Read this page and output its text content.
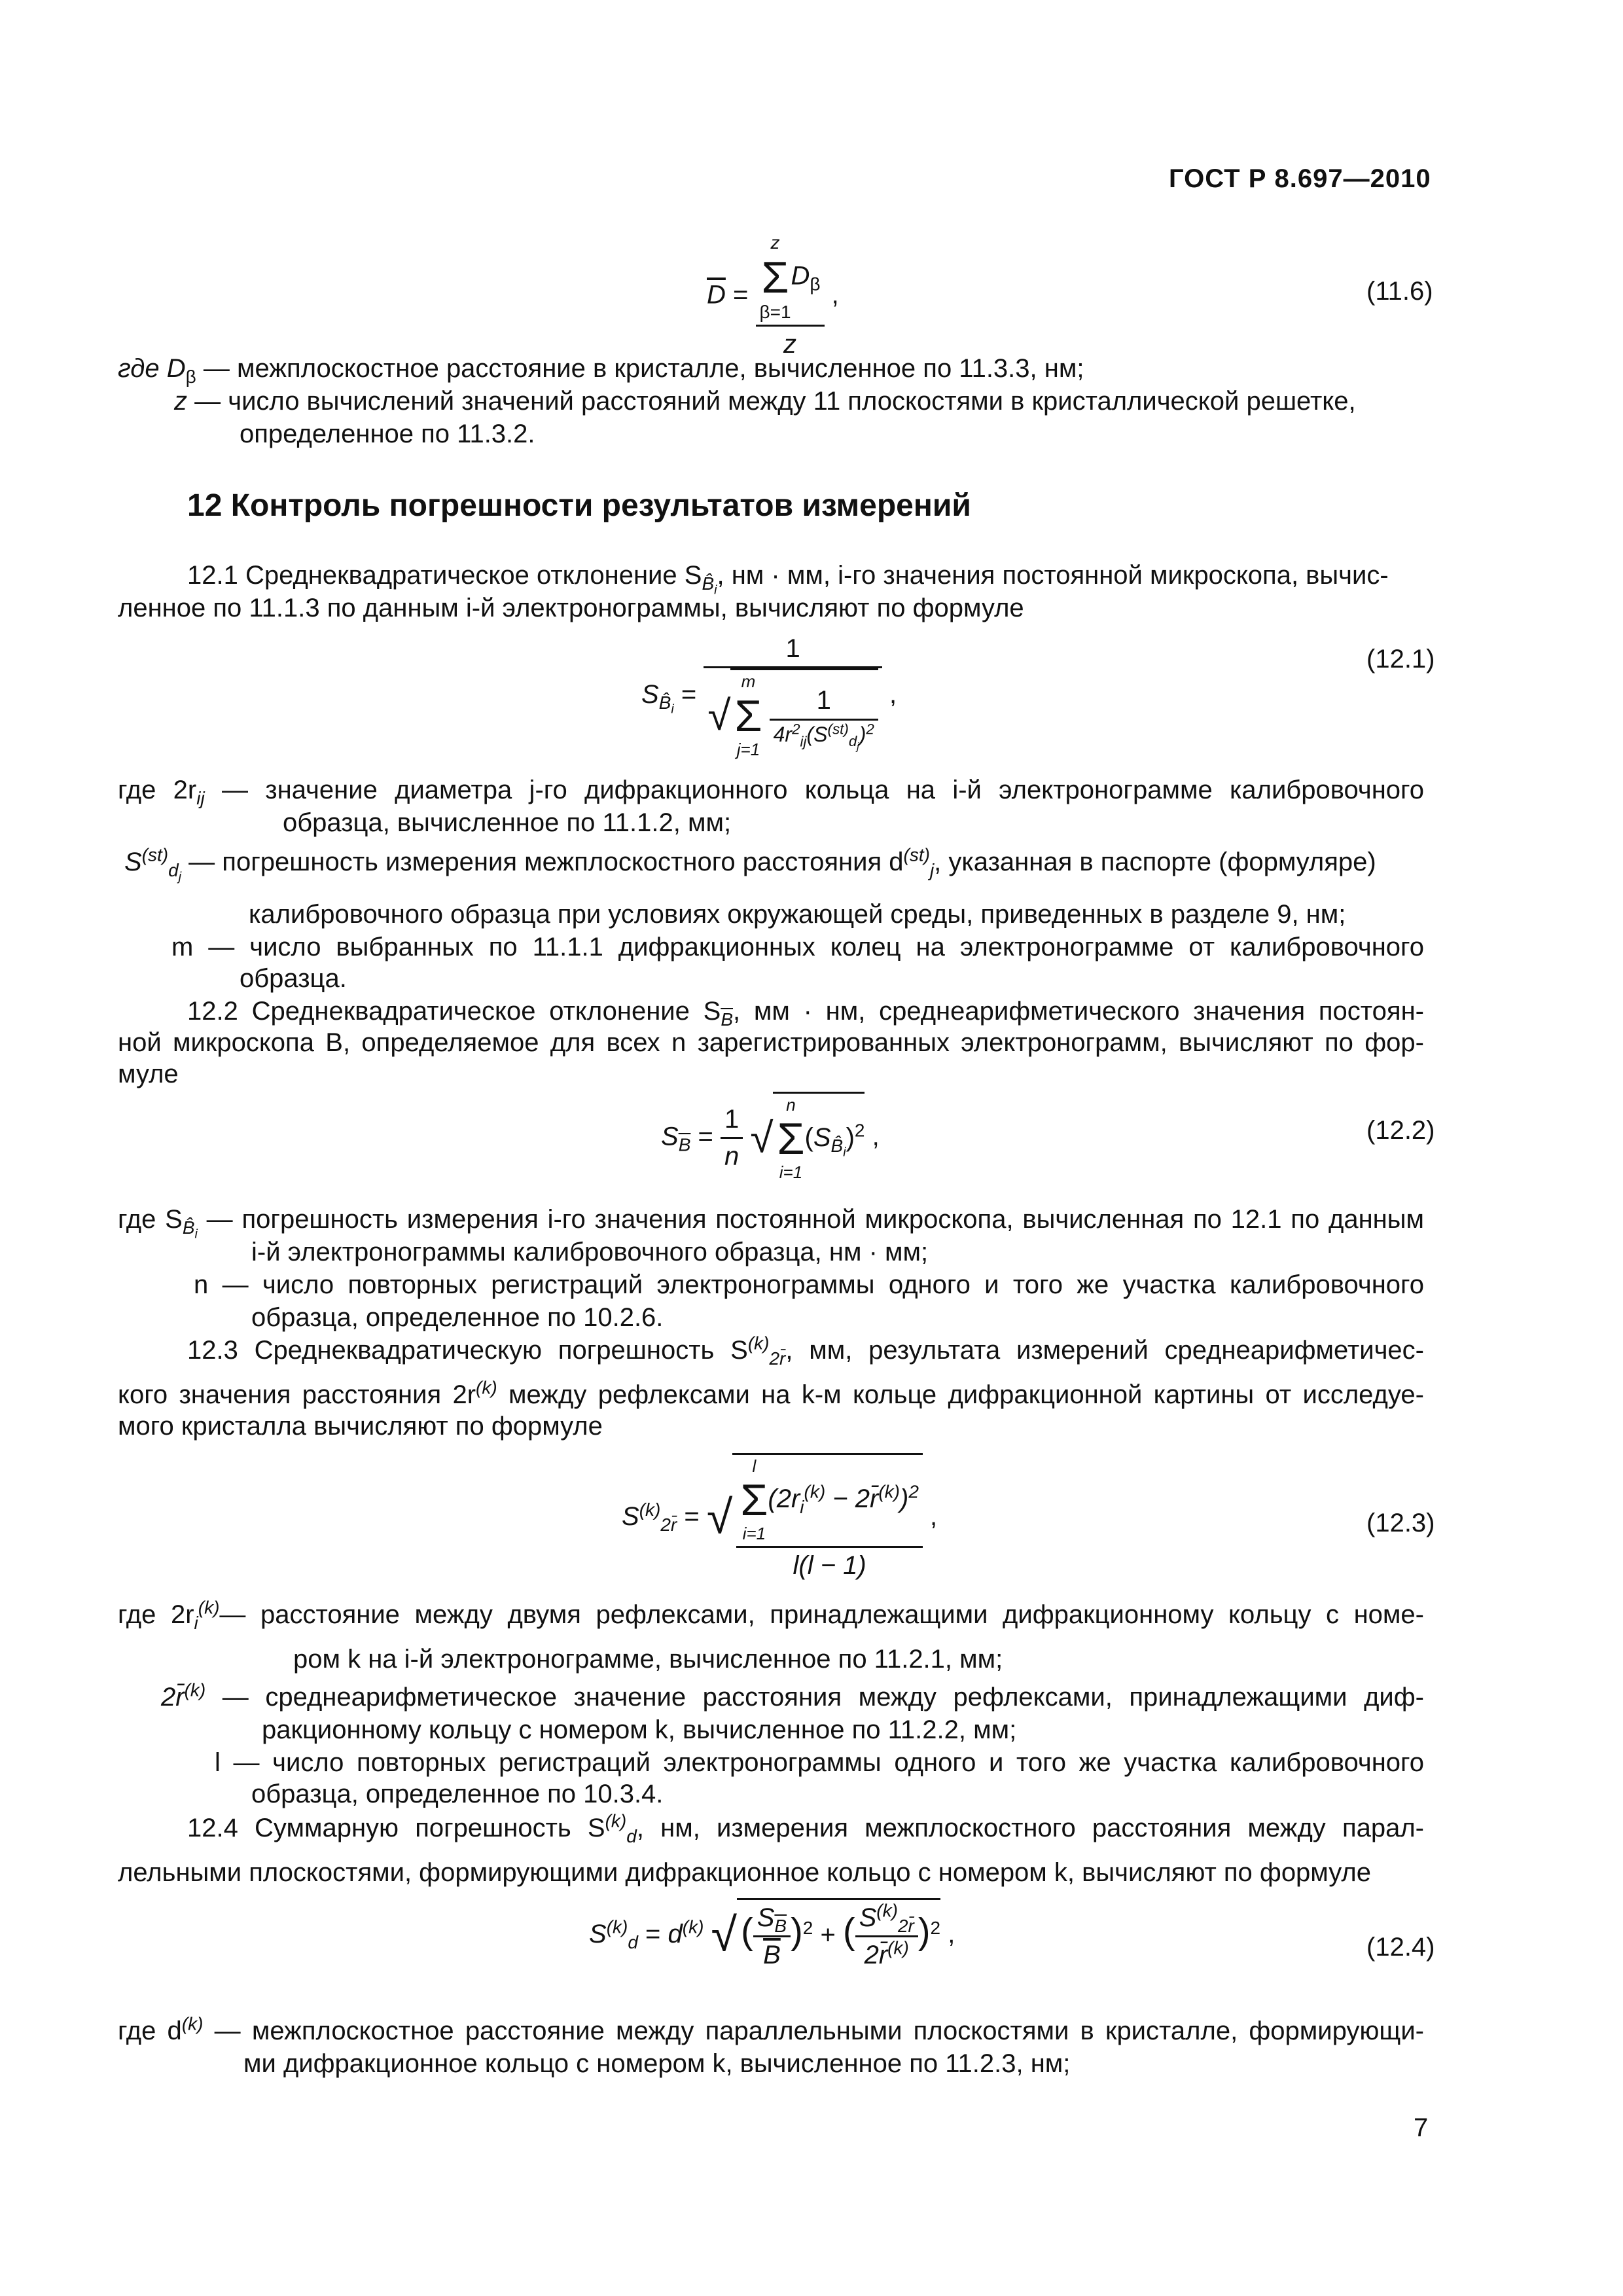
ГОСТ Р 8.697—2010
$\overline{D} = z$
Σ
β=1
$D_\beta$
z ,	(11.6)
где $D_\beta$ — межплоскостное расстояние в кристалле, вычисленное по 11.3.3, нм;
z — число вычислений значений расстояний между 11 плоскостями в кристаллической решетке,
определенное по 11.3.2.
12 Контроль погрешности результатов измерений
12.1 Среднеквадратическое отклонение $S_{B̂_i}$, нм · мм, i-го значения постоянной микроскопа, вычис-
ленное по 11.1.3 по данным i-й электронограммы, вычисляют по формуле
$S_{B̂_i}$ =
1
√
m
Σ
j=1

$\frac{1}{4r^2_{ij}(S^{(st)}_{d_j})^2}$ ,
(12.1)
где $2r_{ij}$ — значение диаметра j-го дифракционного кольца на i-й электронограмме калибровочного
образца, вычисленное по 11.1.2, мм;
$S^{(st)}_{d_j}$ — погрешность измерения межплоскостного расстояния $d^{(st)}_j$, указанная в паспорте (формуляре)
калибровочного образца при условиях окружающей среды, приведенных в разделе 9, нм;
m — число выбранных по 11.1.1 дифракционных колец на электронограмме от калибровочного
образца.
12.2 Среднеквадратическое отклонение $S_{\overline{B}}$, мм · нм, среднеарифметического значения постоян-
ной микроскопа B, определяемое для всех n зарегистрированных электронограмм, вычисляют по фор-
муле
$S_{\overline{B}} = \frac{1}{n}$ √
n
Σ
i=1
$(S_{B̂_i})^2$ ,	(12.2)
где $S_{B̂_i}$ — погрешность измерения i-го значения постоянной микроскопа, вычисленная по 12.1 по данным
i-й электронограммы калибровочного образца, нм · мм;
n — число повторных регистраций электронограммы одного и того же участка калибровочного
образца, определенное по 10.2.6.
12.3 Среднеквадратическую погрешность $S^{(k)}_{2r̄}$, мм, результата измерений среднеарифметичес-
кого значения расстояния $2r^{(k)}$ между рефлексами на k-м кольце дифракционной картины от исследуе-
мого кристалла вычисляют по формуле
$S^{(k)}_{2r̄}$ = √ l
Σ
i=1
($2r_i^{(k)}$ − 2r̄$^{(k)}$)$^2$
l(l − 1) ,	(12.3)
где $2r_i^{(k)}—$ расстояние между двумя рефлексами, принадлежащими дифракционному кольцу с номе-
ром k на i-й электронограмме, вычисленное по 11.2.1, мм;
2r̄$^{(k)}$ — среднеарифметическое значение расстояния между рефлексами, принадлежащими диф-
ракционному кольцу с номером k, вычисленное по 11.2.2, мм;
l — число повторных регистраций электронограммы одного и того же участка калибровочного
образца, определенное по 10.3.4.
12.4 Суммарную погрешность $S^{(k)}_d$, нм, измерения межплоскостного расстояния между парал-
лельными плоскостями, формирующими дифракционное кольцо с номером k, вычисляют по формуле
$S^{(k)}_d = d^{(k)}$ √ ( $\frac{S_{\overline{B}}}{B} )^2$ + ( $\frac{S^{(k)}_{2r̄}}{2r̄^{(k)}} )^2$ ,	(12.4)
где $d^{(k)}$ — межплоскостное расстояние между параллельными плоскостями в кристалле, формирующи-
ми дифракционное кольцо с номером k, вычисленное по 11.2.3, нм;
7
